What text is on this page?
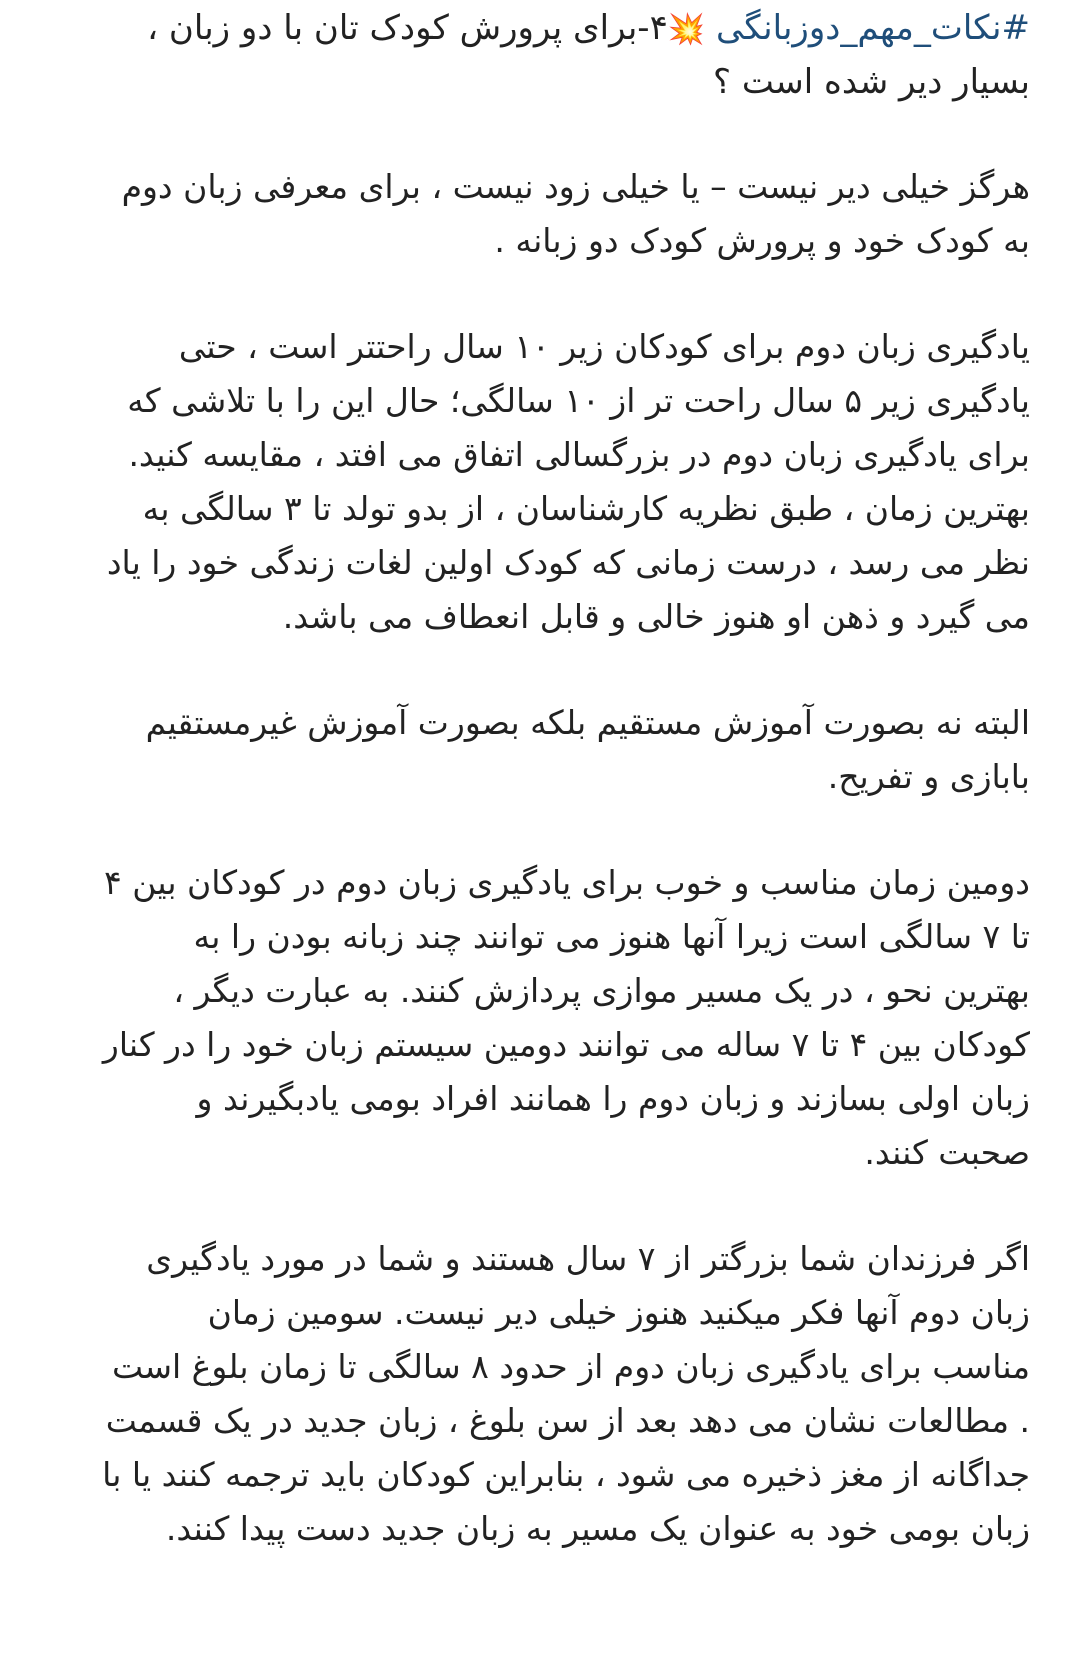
#نکات_مهم_دوزبانگی 💥۴-برای پرورش کودک تان با دو زبان ، بسیار دیر شده است ؟

هرگز خیلی دیر نیست – یا خیلی زود نیست ، برای معرفی زبان دوم به کودک خود و پرورش کودک دو زبانه .

یادگیری زبان دوم برای کودکان زیر ۱۰ سال راحتتر است ، حتی یادگیری زیر ۵ سال راحت تر از ۱۰ سالگی؛ حال این را با تلاشی که برای یادگیری زبان دوم در بزرگسالی اتفاق می افتد ، مقایسه کنید. بهترین زمان ، طبق نظریه کارشناسان ، از بدو تولد تا ۳ سالگی به نظر می رسد ، درست زمانی که کودک اولین لغات زندگی خود را یاد می گیرد و ذهن او هنوز خالی و قابل انعطاف می باشد.

البته نه بصورت آموزش مستقیم بلکه بصورت آموزش غیرمستقیم بابازی و تفریح.

دومین زمان مناسب و خوب برای یادگیری زبان دوم در کودکان بین ۴ تا ۷ سالگی است زیرا آنها هنوز می توانند چند زبانه بودن را به بهترین نحو ، در یک مسیر موازی پردازش کنند. به عبارت دیگر ، کودکان بین ۴ تا ۷ ساله می توانند دومین سیستم زبان خود را در کنار زبان اولی بسازند و زبان دوم را همانند افراد بومی یادبگیرند و صحبت کنند.

اگر فرزندان شما بزرگتر از ۷ سال هستند و شما در مورد یادگیری زبان دوم آنها فکر میکنید هنوز خیلی دیر نیست. سومین زمان مناسب برای یادگیری زبان دوم از حدود ۸ سالگی تا زمان بلوغ است . مطالعات نشان می دهد بعد از سن بلوغ ، زبان جدید در یک قسمت جداگانه از مغز ذخیره می شود ، بنابراین کودکان باید ترجمه کنند یا با زبان بومی خود به عنوان یک مسیر به زبان جدید دست پیدا کنند.
